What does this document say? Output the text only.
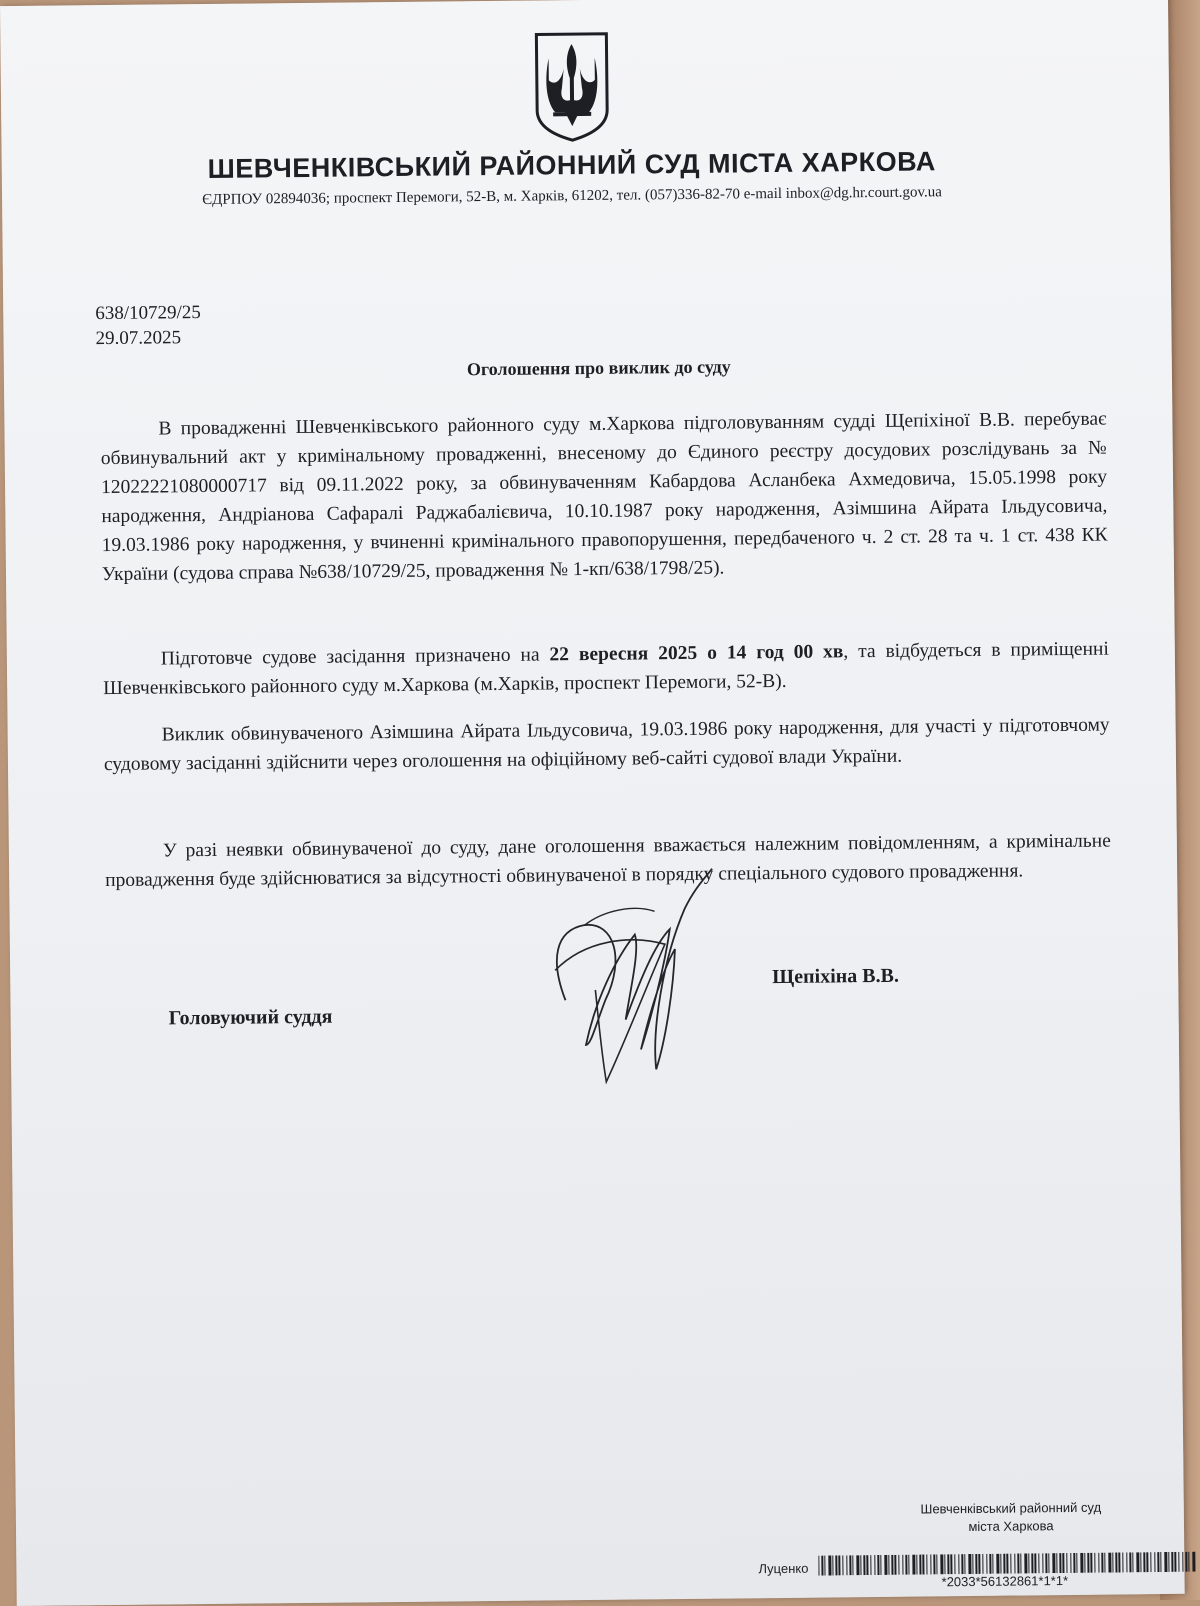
ШЕВЧЕНКІВСЬКИЙ РАЙОННИЙ СУД МІСТА ХАРКОВА
ЄДРПОУ 02894036; проспект Перемоги, 52-В, м. Харків, 61202, тел. (057)336-82-70 e-mail inbox@dg.hr.court.gov.ua
638/10729/25
29.07.2025
Оголошення про виклик до суду

В провадженні Шевченківського районного суду м.Харкова підголовуванням судді Щепіхіної В.В. перебуває обвинувальний акт у кримінальному провадженні, внесеному до Єдиного реєстру досудових розслідувань за № 12022221080000717 від 09.11.2022 року, за обвинуваченням Кабардова Асланбека Ахмедовича, 15.05.1998 року народження, Андріанова Сафаралі Раджабалієвича, 10.10.1987 року народження, Азімшина Айрата Ільдусовича, 19.03.1986 року народження, у вчиненні кримінального правопорушення, передбаченого ч. 2 ст. 28 та ч. 1 ст. 438 КК України (судова справа №638/10729/25, провадження № 1-кп/638/1798/25).

Підготовче судове засідання призначено на 22 вересня 2025 о 14 год 00 хв, та відбудеться в приміщенні Шевченківського районного суду м.Харкова (м.Харків, проспект Перемоги, 52-В).

Виклик обвинуваченого Азімшина Айрата Ільдусовича, 19.03.1986 року народження, для участі у підготовчому судовому засіданні здійснити через оголошення на офіційному веб-сайті судової влади України.

У разі неявки обвинуваченої до суду, дане оголошення вважається належним повідомленням, а кримінальне провадження буде здійснюватися за відсутності обвинуваченої в порядку спеціального судового провадження.

Щепіхіна В.В.
Головуючий суддя
Шевченківський районний суд
міста Харкова
Луценко
*2033*56132861*1*1*
